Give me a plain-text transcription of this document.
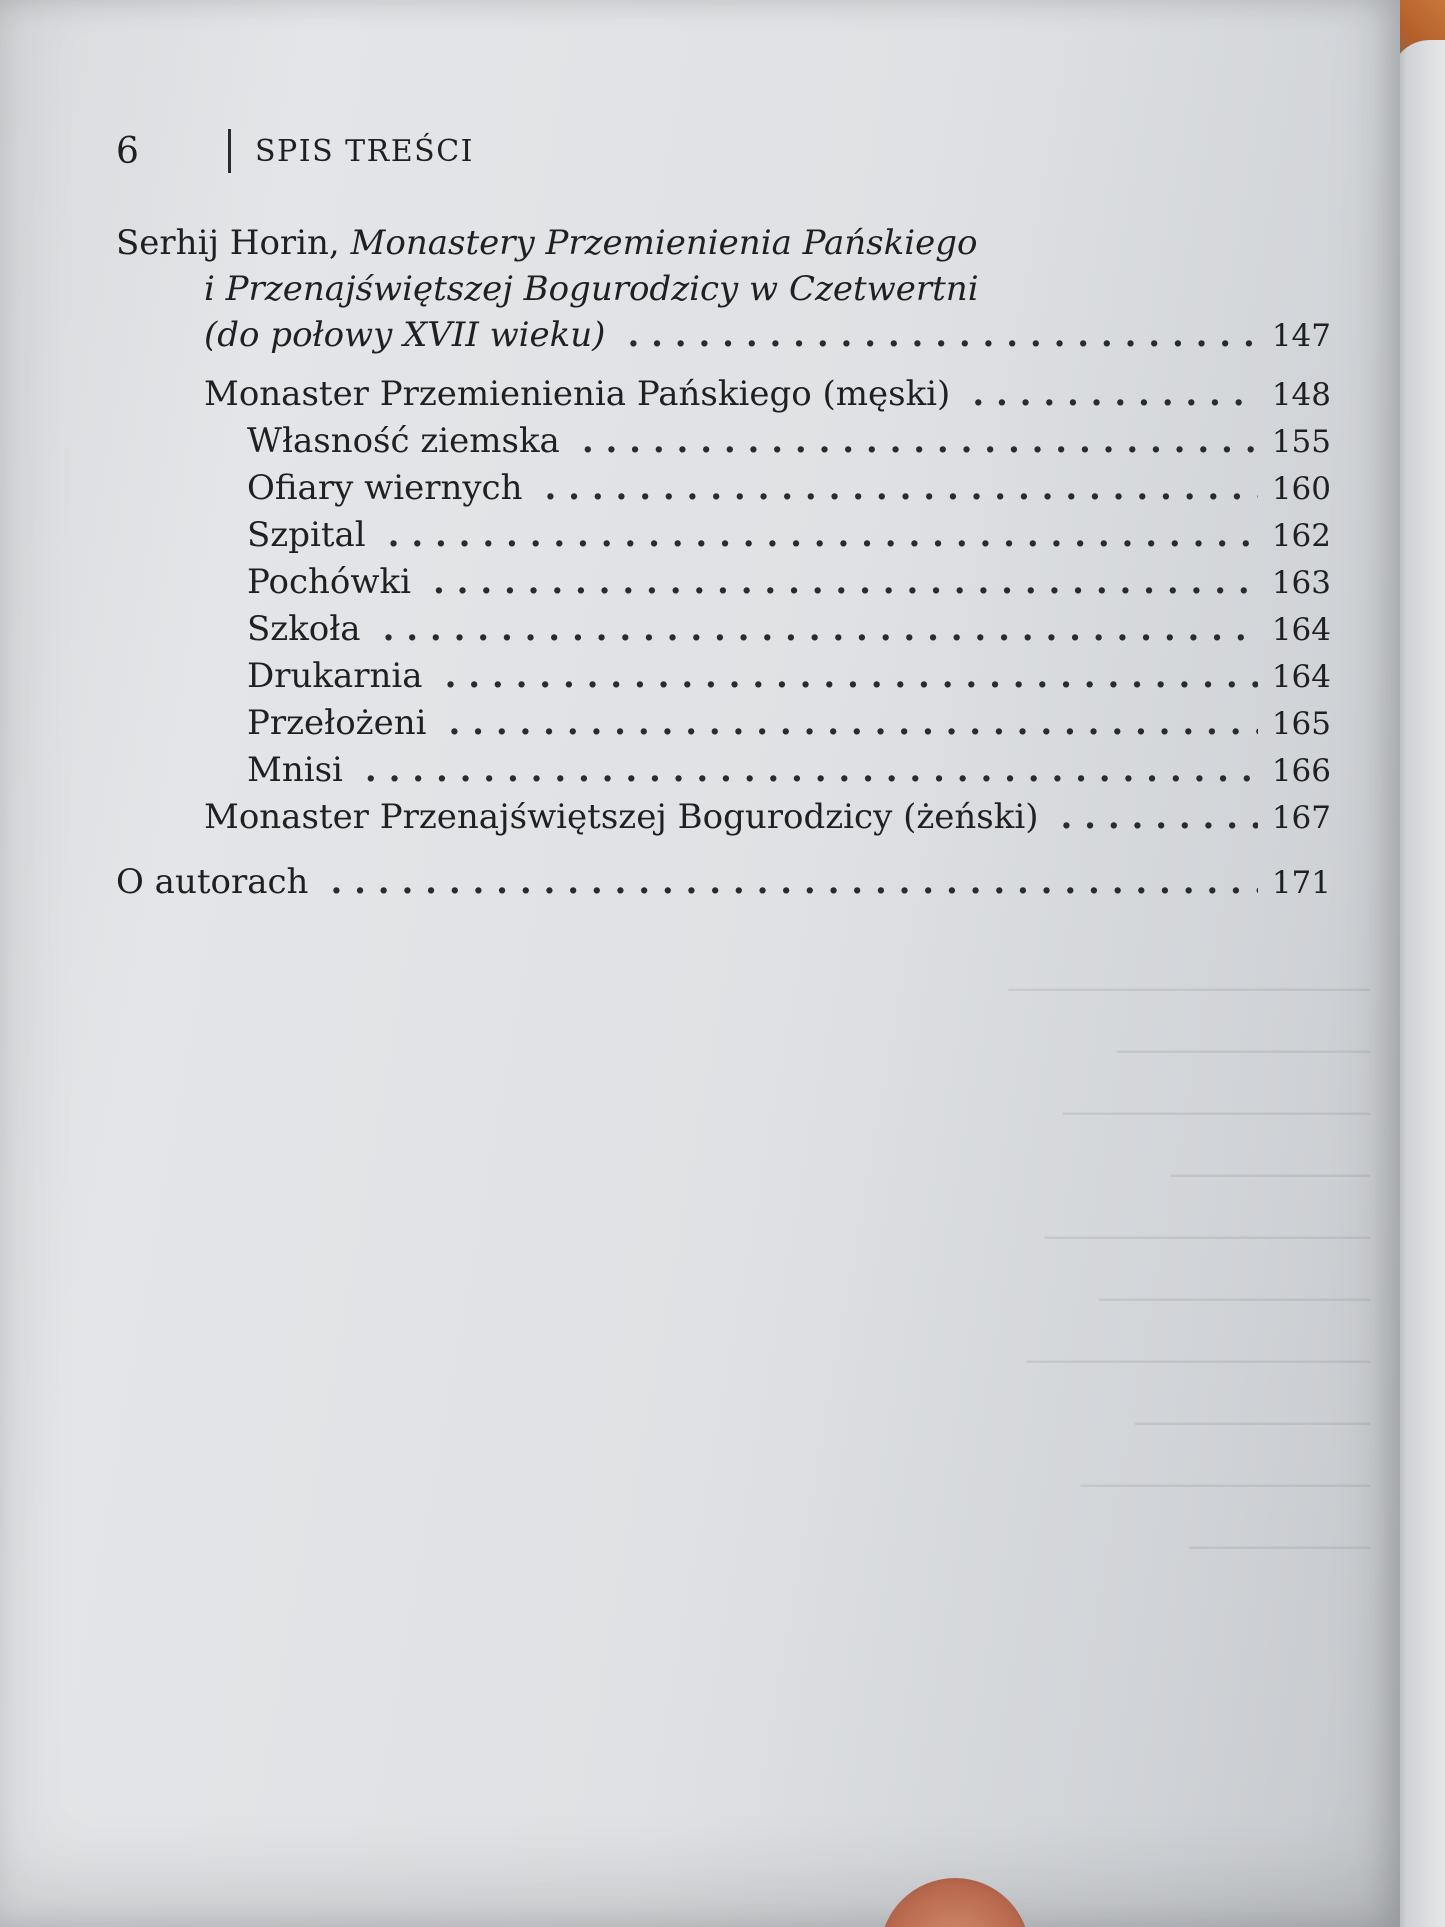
6	SPIS TREŚCI
Serhij Horin, Monastery Przemienienia Pańskiego
i Przenajświętszej Bogurodzicy w Czetwertni
(do połowy XVII wieku) . . .	147
Monaster Przemienienia Pańskiego (męski) . . .	148
Własność ziemska . . .	155
Ofiary wiernych . . .	160
Szpital . . .	162
Pochówki . . .	163
Szkoła . . .	164
Drukarnia . . .	164
Przełożeni . . .	165
Mnisi . . .	166
Monaster Przenajświętszej Bogurodzicy (żeński) . . .	167
O autorach . . .	171
────────────────────
──────────────
─────────────────
───────────
──────────────────
───────────────
───────────────────
─────────────
────────────────
──────────
